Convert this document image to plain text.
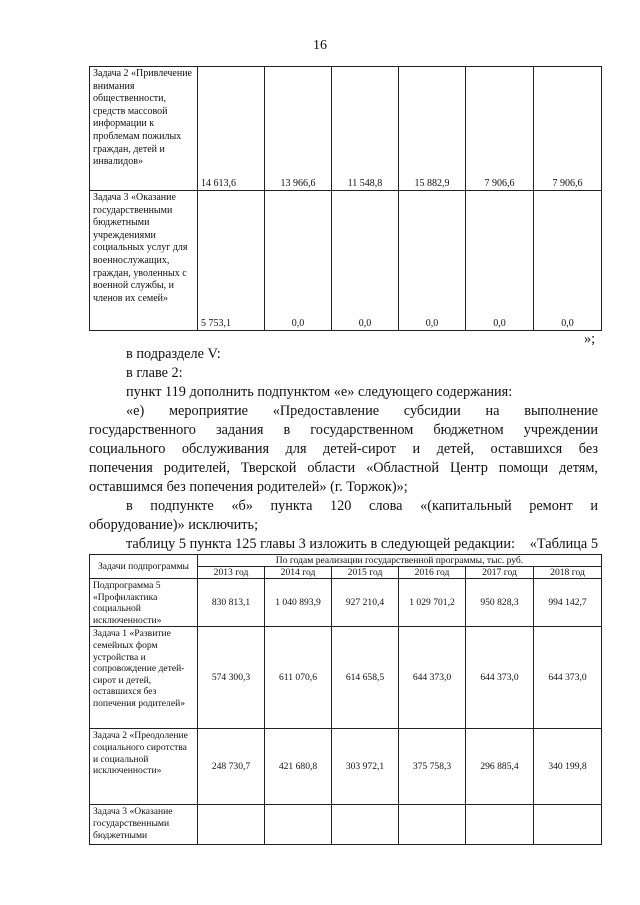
16
Задача 2 «Привлечение внимания общественности, средств массовой информации к проблемам пожилых граждан, детей и инвалидов»	14 613,6	13 966,6	11 548,8	15 882,9	7 906,6	7 906,6
Задача 3 «Оказание государственными бюджетными учреждениями социальных услуг для военнослужащих, граждан, уволенных с военной службы, и членов их семей»	5 753,1	0,0	0,0	0,0	0,0	0,0
»;
в подразделе V:
в главе 2:
пункт 119 дополнить подпунктом «е» следующего содержания:
«е) мероприятие «Предоставление субсидии на выполнение
государственного задания в государственном бюджетном учреждении
социального обслуживания для детей-сирот и детей, оставшихся без
попечения родителей, Тверской области «Областной Центр помощи детям,
оставшимся без попечения родителей» (г. Торжок)»;
в подпункте «б» пункта 120 слова «(капитальный ремонт и
оборудование)» исключить;
таблицу 5 пункта 125 главы 3 изложить в следующей редакции: «Таблица 5
Задачи подпрограммы	По годам реализации государственной программы, тыс. руб.					
	2013 год	2014 год	2015 год	2016 год	2017 год	2018 год
Подпрограмма 5 «Профилактика социальной исключенности»	830 813,1	1 040 893,9	927 210,4	1 029 701,2	950 828,3	994 142,7
Задача 1 «Развитие семейных форм устройства и сопровождение детей-сирот и детей, оставшихся без попечения родителей»	574 300,3	611 070,6	614 658,5	644 373,0	644 373,0	644 373,0
Задача 2 «Преодоление социального сиротства и социальной исключенности»	248 730,7	421 680,8	303 972,1	375 758,3	296 885,4	340 199,8
Задача 3 «Оказание государственными бюджетными						
